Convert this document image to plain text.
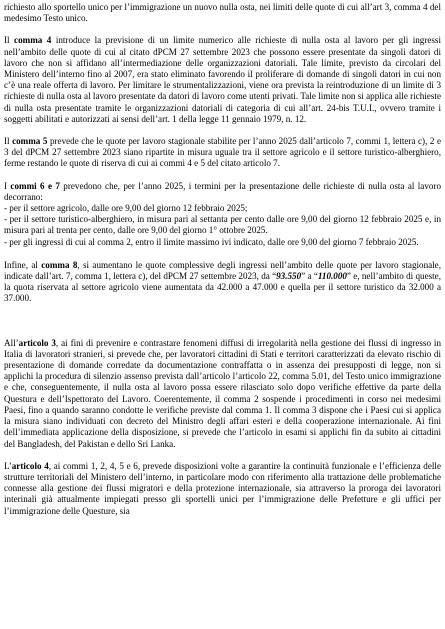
richiesto allo sportello unico per l’immigrazione un nuovo nulla osta, nei limiti delle quote di cui all’art 3, comma 4 del medesimo Testo unico.

Il comma 4 introduce la previsione di un limite numerico alle richieste di nulla osta al lavoro per gli ingressi nell’ambito delle quote di cui al citato dPCM 27 settembre 2023 che possono essere presentate da singoli datori di lavoro che non si affidano all’intermediazione delle organizzazioni datoriali. Tale limite, previsto da circolari del Ministero dell’interno fino al 2007, era stato eliminato favorendo il proliferare di domande di singoli datori in cui non c’è una reale offerta di lavoro. Per limitare le strumentalizzazioni, viene ora prevista la reintroduzione di un limite di 3 richieste di nulla osta al lavoro presentate da datori di lavoro come utenti privati. Tale limite non si applica alle richieste di nulla osta presentate tramite le organizzazioni datoriali di categoria di cui all’art. 24-bis T.U.I., ovvero tramite i soggetti abilitati e autorizzati ai sensi dell’art. 1 della legge 11 gennaio 1979, n. 12.

Il comma 5 prevede che le quote per lavoro stagionale stabilite per l’anno 2025 dall’articolo 7, commi 1, lettera c), 2 e 3 del dPCM 27 settembre 2023 siano ripartite in misura uguale tra il settore agricolo e il settore turistico-alberghiero, ferme restando le quote di riserva di cui ai commi 4 e 5 del citato articolo 7.

I commi 6 e 7 prevedono che, per l’anno 2025, i termini per la presentazione delle richieste di nulla osta al lavoro decorrano:

- per il settore agricolo, dalle ore 9,00 del giorno 12 febbraio 2025;

- per il settore turistico-alberghiero, in misura pari al settanta per cento dalle ore 9,00 del giorno 12 febbraio 2025 e, in misura pari al trenta per cento, dalle ore 9,00 del giorno 1° ottobre 2025.

- per gli ingressi di cui al comma 2, entro il limite massimo ivi indicato, dalle ore 9,00 del giorno 7 febbraio 2025.

Infine, al comma 8, si aumentano le quote complessive degli ingressi nell’ambito delle quote per lavoro stagionale, indicate dall’art. 7, comma 1, lettera c), del dPCM 27 settembre 2023, da “93.550” a “110.000” e, nell’ambito di queste, la quota riservata al settore agricolo viene aumentata da 42.000 a 47.000 e quella per il settore turistico da 32.000 a 37.000.

All’articolo 3, ai fini di prevenire e contrastare fenomeni diffusi di irregolarità nella gestione dei flussi di ingresso in Italia di lavoratori stranieri, si prevede che, per lavoratori cittadini di Stati e territori caratterizzati da elevato rischio di presentazione di domande corredate da documentazione contraffatta o in assenza dei presupposti di legge, non si applichi la procedura di silenzio assenso prevista dall’articolo l’articolo 22, comma 5.01, del Testo unico immigrazione e che, conseguentemente, il nulla osta al lavoro possa essere rilasciato solo dopo verifiche effettive da parte della Questura e dell’Ispettorato del Lavoro. Coerentemente, il comma 2 sospende i procedimenti in corso nei medesimi Paesi, fino a quando saranno condotte le verifiche previste dal comma 1. Il comma 3 dispone che i Paesi cui si applica la misura siano individuati con decreto del Ministro degli affari esteri e della cooperazione internazionale. Ai fini dell’immediata applicazione della disposizione, si prevede che l’articolo in esami si applichi fin da subito ai cittadini del Bangladesh, del Pakistan e dello Sri Lanka.

L’articolo 4, ai commi 1, 2, 4, 5 e 6, prevede disposizioni volte a garantire la continuità funzionale e l’efficienza delle strutture territoriali del Ministero dell’interno, in particolare modo con riferimento alla trattazione delle problematiche connesse alla gestione dei flussi migratori e della protezione internazionale, sia attraverso la proroga dei lavoratori interinali già attualmente impiegati presso gli sportelli unici per l’immigrazione delle Prefetture e gli uffici per l’immigrazione delle Questure, sia
